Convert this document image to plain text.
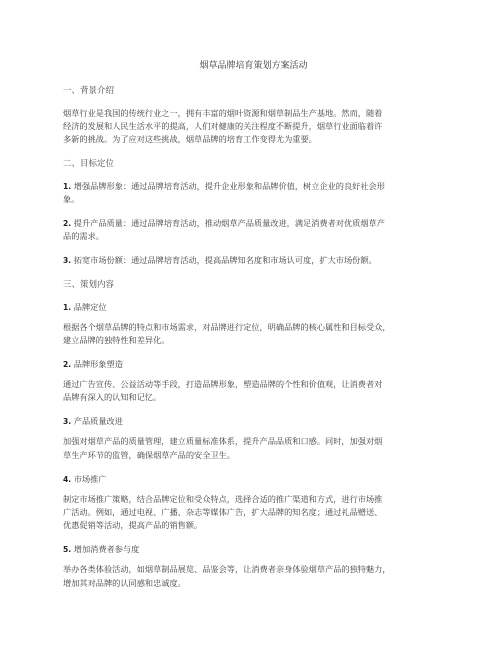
烟草品牌培育策划方案活动
一、背景介绍
烟草行业是我国的传统行业之一，拥有丰富的烟叶资源和烟草制品生产基地。然而，随着
经济的发展和人民生活水平的提高，人们对健康的关注程度不断提升，烟草行业面临着许
多新的挑战。为了应对这些挑战，烟草品牌的培育工作变得尤为重要。
二、目标定位
1. 增强品牌形象：通过品牌培育活动，提升企业形象和品牌价值，树立企业的良好社会形
象。
2. 提升产品质量：通过品牌培育活动，推动烟草产品质量改进，满足消费者对优质烟草产
品的需求。
3. 拓宽市场份额：通过品牌培育活动，提高品牌知名度和市场认可度，扩大市场份额。
三、策划内容
1. 品牌定位
根据各个烟草品牌的特点和市场需求，对品牌进行定位，明确品牌的核心属性和目标受众，
建立品牌的独特性和差异化。
2. 品牌形象塑造
通过广告宣传、公益活动等手段，打造品牌形象，塑造品牌的个性和价值观，让消费者对
品牌有深入的认知和记忆。
3. 产品质量改进
加强对烟草产品的质量管理，建立质量标准体系，提升产品品质和口感。同时，加强对烟
草生产环节的监管，确保烟草产品的安全卫生。
4. 市场推广
制定市场推广策略，结合品牌定位和受众特点，选择合适的推广渠道和方式，进行市场推
广活动。例如，通过电视、广播、杂志等媒体广告，扩大品牌的知名度；通过礼品赠送、
优惠促销等活动，提高产品的销售额。
5. 增加消费者参与度
举办各类体验活动，如烟草制品展览、品鉴会等，让消费者亲身体验烟草产品的独特魅力，
增加其对品牌的认同感和忠诚度。
